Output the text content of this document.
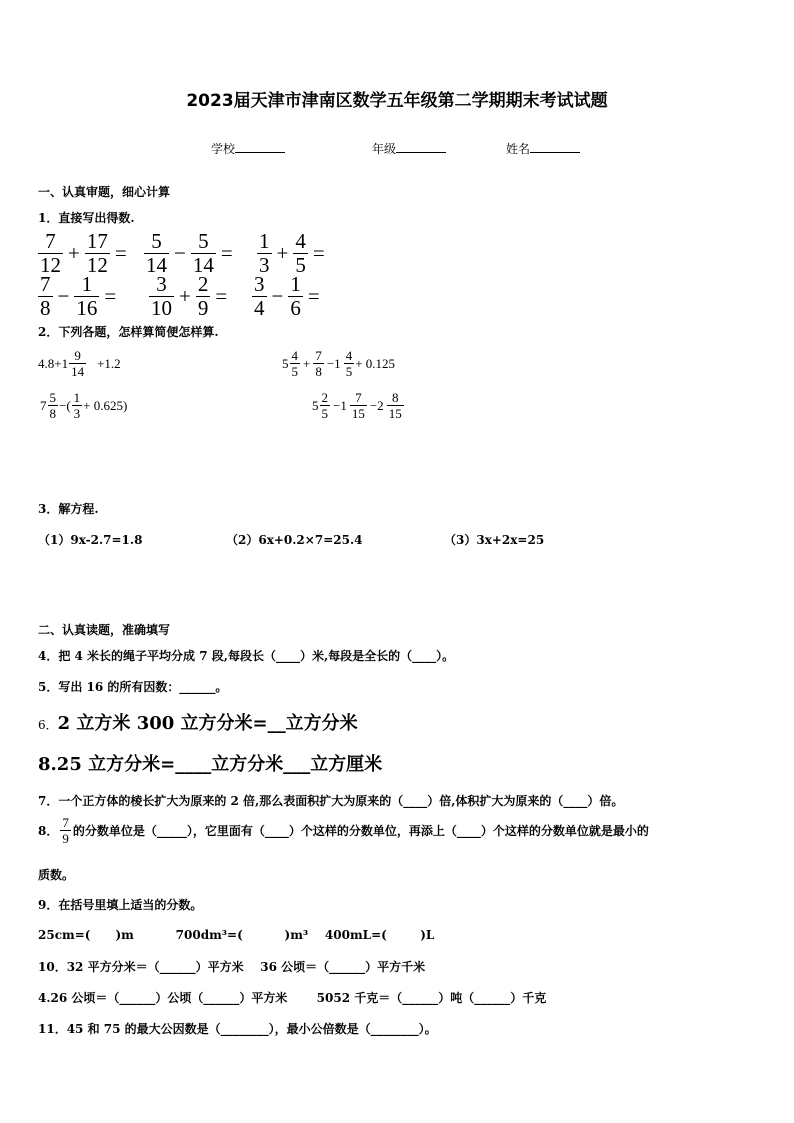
2023届天津市津南区数学五年级第二学期期末考试试题
学校	年级	姓名
一、认真审题，细心计算
1．直接写出得数.
$\frac{7}{12} + \frac{17}{12} = \frac{5}{14} - \frac{5}{14} = \frac{1}{3} + \frac{4}{5}$ =
$\frac{7}{8} - \frac{1}{16} = \frac{3}{10} + \frac{2}{9} = \frac{3}{4} - \frac{1}{6}$ =
2．下列各题，怎样算简便怎样算.
$4.8+1 \frac{9}{14} +1.2$	$5 \frac{4}{5} + \frac{7}{8} -1 \frac{4}{5} + 0.125$
$7 \frac{5}{8}$ −( $\frac{1}{3} + 0.625$)	$5 \frac{2}{5} -1 \frac{7}{15} -2 \frac{8}{15}$
3．解方程.
（1）9x-2.7=1.8	（2）6x+0.2×7=25.4	（3）3x+2x=25
二、认真读题，准确填写
4．把 4 米长的绳子平均分成 7 段,每段长（____）米,每段是全长的（____）。
5．写出 16 的所有因数：______。
6．2 立方米 300 立方分米=__立方分米
8.25 立方分米=____立方分米___立方厘米
7．一个正方体的棱长扩大为原来的 2 倍,那么表面积扩大为原来的（____）倍,体积扩大为原来的（____）倍。
8． $\frac{7}{9}$ 的分数单位是（_____），它里面有（____）个这样的分数单位，再添上（____）个这样的分数单位就是最小的
质数。
9．在括号里填上适当的分数。
25cm=(      )m          700dm³=(          )m³    400mL=(        )L
10．32 平方分米＝（______）平方米    36 公顷＝（______）平方千米
4.26 公顷＝（______）公顷（______）平方米       5052 千克＝（______）吨（______）千克
11．45 和 75 的最大公因数是（________），最小公倍数是（________）。
